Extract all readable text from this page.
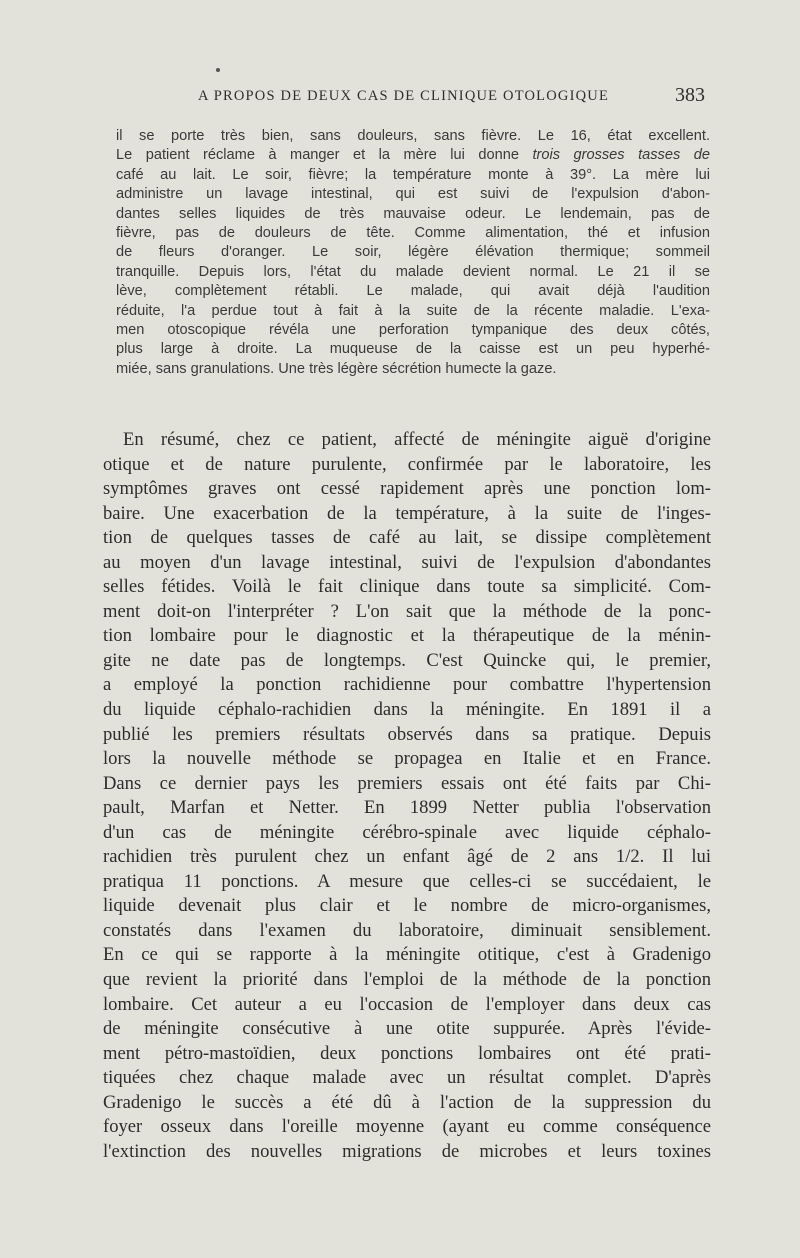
A PROPOS DE DEUX CAS DE CLINIQUE OTOLOGIQUE	383
il se porte très bien, sans douleurs, sans fièvre. Le 16, état excellent.
Le patient réclame à manger et la mère lui donne trois grosses tasses de
café au lait. Le soir, fièvre; la température monte à 39°. La mère lui
administre un lavage intestinal, qui est suivi de l'expulsion d'abon-
dantes selles liquides de très mauvaise odeur. Le lendemain, pas de
fièvre, pas de douleurs de tête. Comme alimentation, thé et infusion
de fleurs d'oranger. Le soir, légère élévation thermique; sommeil
tranquille. Depuis lors, l'état du malade devient normal. Le 21 il se
lève, complètement rétabli. Le malade, qui avait déjà l'audition
réduite, l'a perdue tout à fait à la suite de la récente maladie. L'exa-
men otoscopique révéla une perforation tympanique des deux côtés,
plus large à droite. La muqueuse de la caisse est un peu hyperhé-
miée, sans granulations. Une très légère sécrétion humecte la gaze.
En résumé, chez ce patient, affecté de méningite aiguë d'origine
otique et de nature purulente, confirmée par le laboratoire, les
symptômes graves ont cessé rapidement après une ponction lom-
baire. Une exacerbation de la température, à la suite de l'inges-
tion de quelques tasses de café au lait, se dissipe complètement
au moyen d'un lavage intestinal, suivi de l'expulsion d'abondantes
selles fétides. Voilà le fait clinique dans toute sa simplicité. Com-
ment doit-on l'interpréter ? L'on sait que la méthode de la ponc-
tion lombaire pour le diagnostic et la thérapeutique de la ménin-
gite ne date pas de longtemps. C'est Quincke qui, le premier,
a employé la ponction rachidienne pour combattre l'hypertension
du liquide céphalo-rachidien dans la méningite. En 1891 il a
publié les premiers résultats observés dans sa pratique. Depuis
lors la nouvelle méthode se propagea en Italie et en France.
Dans ce dernier pays les premiers essais ont été faits par Chi-
pault, Marfan et Netter. En 1899 Netter publia l'observation
d'un cas de méningite cérébro-spinale avec liquide céphalo-
rachidien très purulent chez un enfant âgé de 2 ans 1/2. Il lui
pratiqua 11 ponctions. A mesure que celles-ci se succédaient, le
liquide devenait plus clair et le nombre de micro-organismes,
constatés dans l'examen du laboratoire, diminuait sensiblement.
En ce qui se rapporte à la méningite otitique, c'est à Gradenigo
que revient la priorité dans l'emploi de la méthode de la ponction
lombaire. Cet auteur a eu l'occasion de l'employer dans deux cas
de méningite consécutive à une otite suppurée. Après l'évide-
ment pétro-mastoïdien, deux ponctions lombaires ont été prati-
tiquées chez chaque malade avec un résultat complet. D'après
Gradenigo le succès a été dû à l'action de la suppression du
foyer osseux dans l'oreille moyenne (ayant eu comme conséquence
l'extinction des nouvelles migrations de microbes et leurs toxines
